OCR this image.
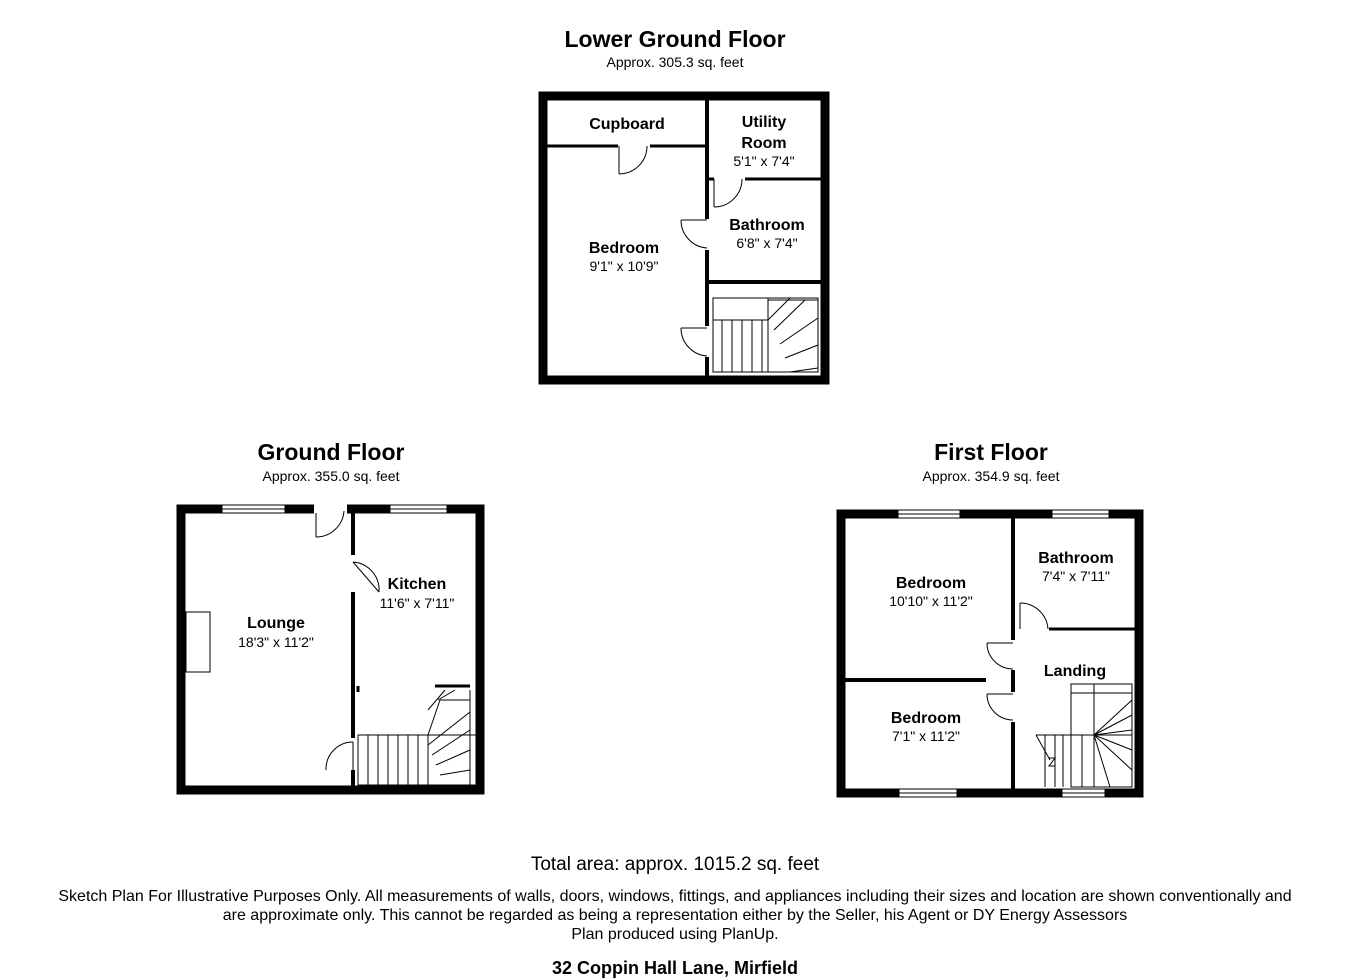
Lower Ground Floor
Approx. 305.3 sq. feet
Ground Floor
Approx. 355.0 sq. feet
First Floor
Approx. 354.9 sq. feet
Cupboard	Utility
Room
5'1" x 7'4"
Bathroom
6'8" x 7'4"
Bedroom
9'1" x 10'9"
Lounge
18'3" x 11'2"
Kitchen
11'6" x 7'11"
Bedroom
10'10" x 11'2"
Bathroom
7'4" x 7'11"
Landing
Bedroom
7'1" x 11'2"
Total area: approx. 1015.2 sq. feet
Sketch Plan For Illustrative Purposes Only. All measurements of walls, doors, windows, fittings, and appliances including their sizes and location are shown conventionally and
are approximate only. This cannot be regarded as being a representation either by the Seller, his Agent or DY Energy Assessors
Plan produced using PlanUp.
32 Coppin Hall Lane, Mirfield
